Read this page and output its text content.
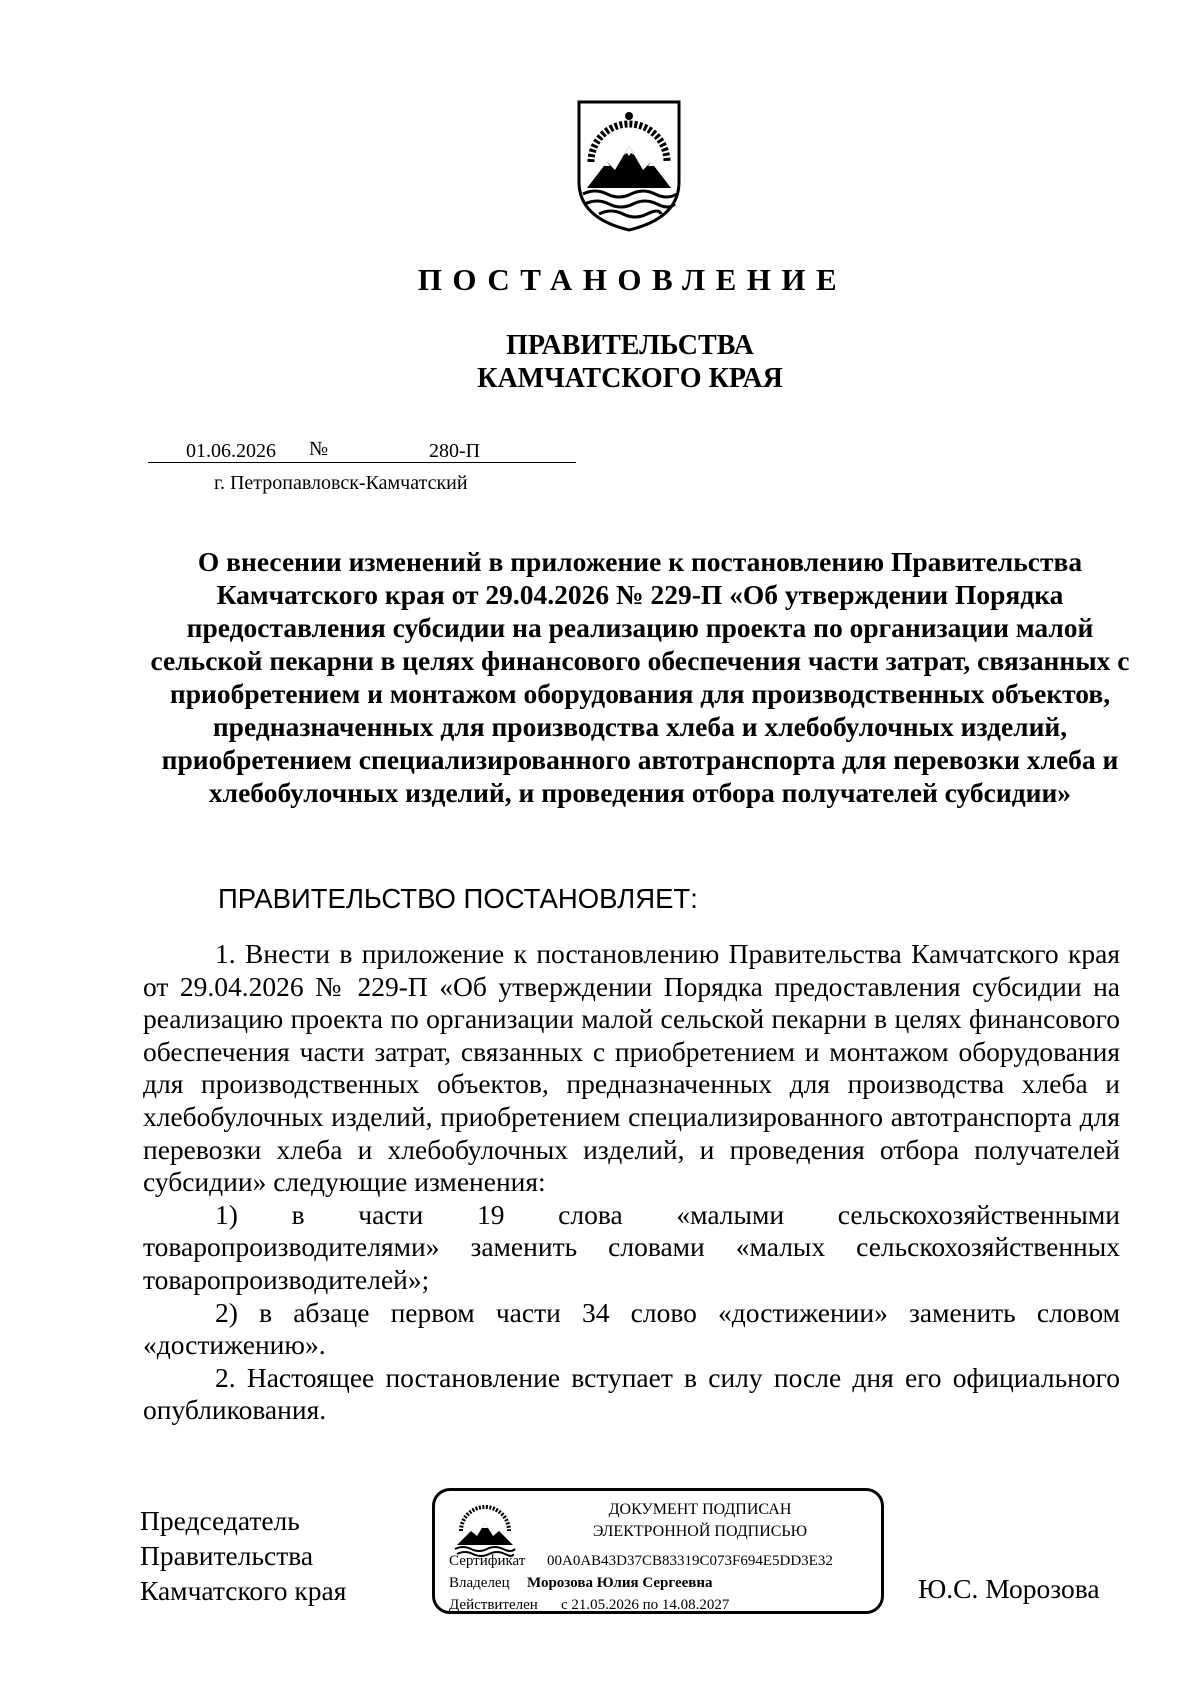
ПОСТАНОВЛЕНИЕ
ПРАВИТЕЛЬСТВА
КАМЧАТСКОГО КРАЯ
01.06.2026 №	280-П
г. Петропавловск-Камчатский
О внесении изменений в приложение к постановлению Правительства Камчатского края от 29.04.2026 № 229-П «Об утверждении Порядка предоставления субсидии на реализацию проекта по организации малой сельской пекарни в целях финансового обеспечения части затрат, связанных с приобретением и монтажом оборудования для производственных объектов, предназначенных для производства хлеба и хлебобулочных изделий, приобретением специализированного автотранспорта для перевозки хлеба и хлебобулочных изделий, и проведения отбора получателей субсидии»
ПРАВИТЕЛЬСТВО ПОСТАНОВЛЯЕТ:

1. Внести в приложение к постановлению Правительства Камчатского края от 29.04.2026 № 229-П «Об утверждении Порядка предоставления субсидии на реализацию проекта по организации малой сельской пекарни в целях финансового обеспечения части затрат, связанных с приобретением и монтажом оборудования для производственных объектов, предназначенных для производства хлеба и хлебобулочных изделий, приобретением специализированного автотранспорта для перевозки хлеба и хлебобулочных изделий, и проведения отбора получателей субсидии» следующие изменения:

1) в части 19 слова «малыми сельскохозяйственными товаропроизводителями» заменить словами «малых сельскохозяйственных товаропроизводителей»;

2) в абзаце первом части 34 слово «достижении» заменить словом «достижению».

2. Настоящее постановление вступает в силу после дня его официального опубликования.

Председатель
Правительства
Камчатского края
ДОКУМЕНТ ПОДПИСАН
ЭЛЕКТРОННОЙ ПОДПИСЬЮ
Сертификат 00A0AB43D37CB83319C073F694E5DD3E32
Владелец Морозова Юлия Сергеевна
Действителен с 21.05.2026 по 14.08.2027
Ю.С. Морозова
